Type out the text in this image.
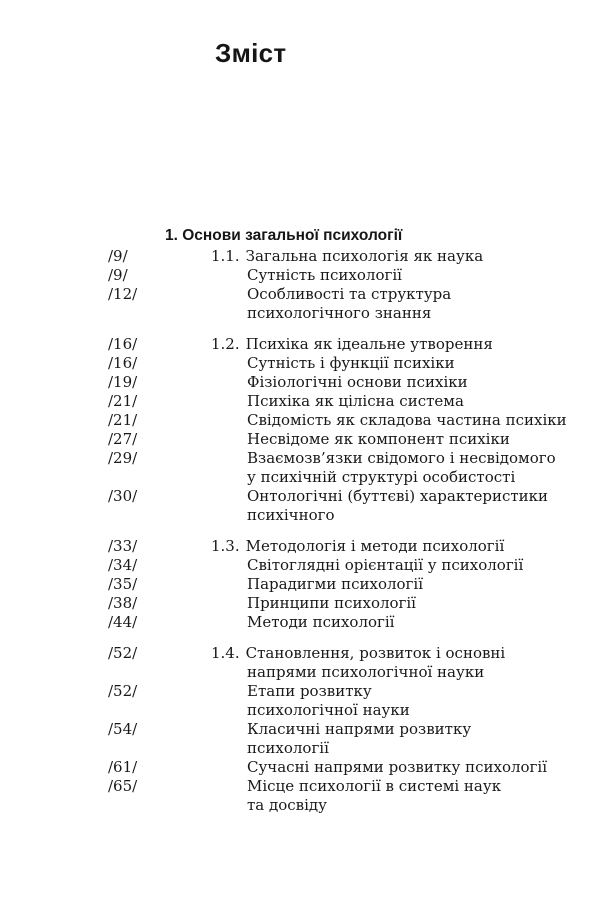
Зміст
1. Основи загальної психології
/9/	1.1. Загальна психологія як наука
/9/	Сутність психології
/12/	Особливості та структура
психологічного знання
/16/	1.2. Психіка як ідеальне утворення
/16/	Сутність і функції психіки
/19/	Фізіологічні основи психіки
/21/	Психіка як цілісна система
/21/	Свідомість як складова частина психіки
/27/	Несвідоме як компонент психіки
/29/	Взаємозв’язки свідомого і несвідомого
у психічній структурі особистості
/30/	Онтологічні (буттєві) характеристики
психічного
/33/	1.3. Методологія і методи психології
/34/	Світоглядні орієнтації у психології
/35/	Парадигми психології
/38/	Принципи психології
/44/	Методи психології
/52/	1.4. Становлення, розвиток і основні
напрями психологічної науки
/52/	Етапи розвитку
психологічної науки
/54/	Класичні напрями розвитку
психології
/61/	Сучасні напрями розвитку психології
/65/	Місце психології в системі наук
та досвіду
